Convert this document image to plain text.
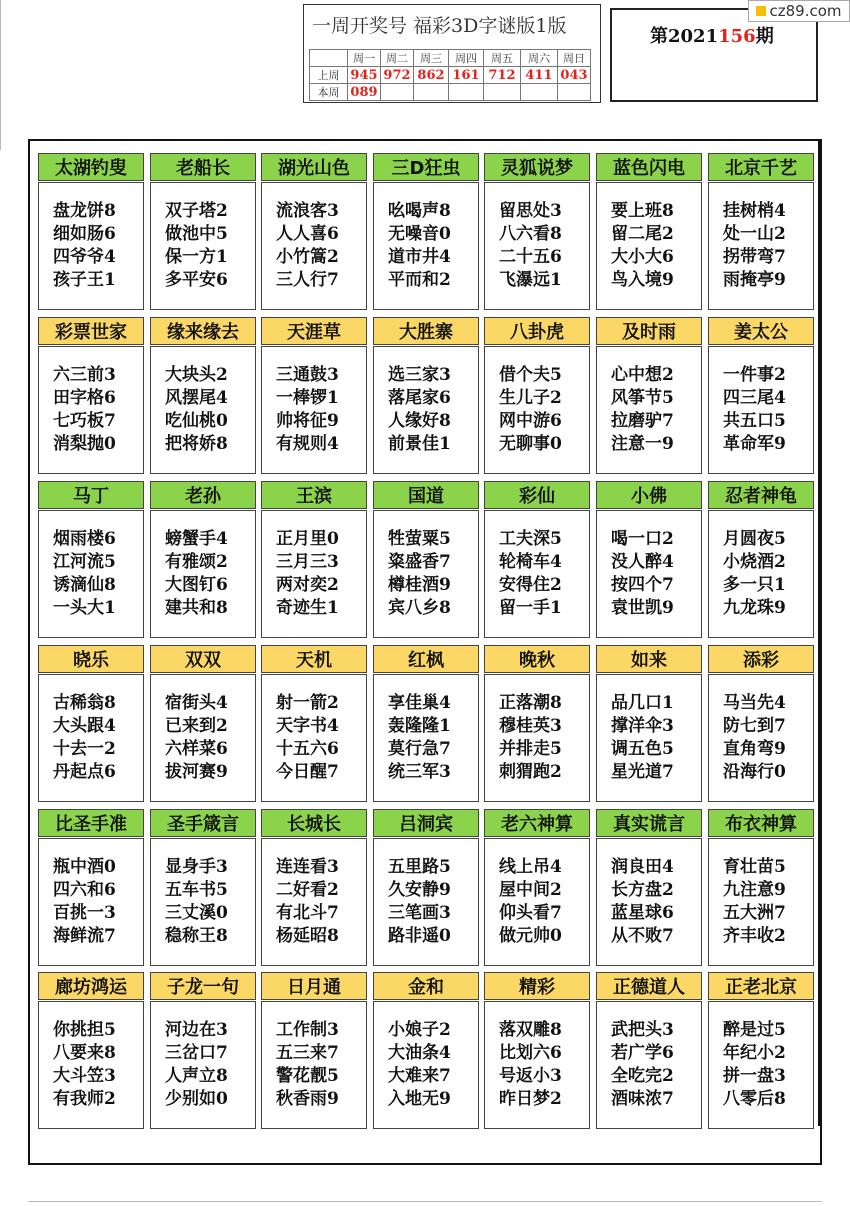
一周开奖号 福彩3D字谜版1版
	周一	周二	周三	周四	周五	周六	周日
上周	945	972	862	161	712	411	043
本周	089						
第2021156期
cz89.com
太湖钓叟
盘龙饼8
细如肠6
四爷爷4
孩子王1
老船长
双子塔2
做池中5
保一方1
多平安6
湖光山色
流浪客3
人人喜6
小竹篙2
三人行7
三D狂虫
吆喝声8
无噪音0
道市井4
平而和2
灵狐说梦
留思处3
八六看8
二十五6
飞瀑远1
蓝色闪电
要上班8
留二尾2
大小大6
鸟入境9
北京千艺
挂树梢4
处一山2
拐带弯7
雨掩亭9
彩票世家
六三前3
田字格6
七巧板7
消梨抛0
缘来缘去
大块头2
风摆尾4
吃仙桃0
把将娇8
天涯草
三通鼓3
一棒锣1
帅将征9
有规则4
大胜寨
选三家3
落尾家6
人缘好8
前景佳1
八卦虎
借个夫5
生儿子2
网中游6
无聊事0
及时雨
心中想2
风筝节5
拉磨驴7
注意一9
姜太公
一件事2
四三尾4
共五口5
革命军9
马丁
烟雨楼6
江河流5
诱滴仙8
一头大1
老孙
螃蟹手4
有雅颂2
大图钉6
建共和8
王滨
正月里0
三月三3
两对奕2
奇迹生1
国道
牲萤粟5
粢盛香7
樽桂酒9
宾八乡8
彩仙
工夫深5
轮椅车4
安得住2
留一手1
小佛
喝一口2
没人醉4
按四个7
袁世凯9
忍者神龟
月圆夜5
小烧酒2
多一只1
九龙珠9
晓乐
古稀翁8
大头跟4
十去一2
丹起点6
双双
宿街头4
已来到2
六样菜6
拔河赛9
天机
射一箭2
天字书4
十五六6
今日醒7
红枫
享佳巢4
轰隆隆1
莫行急7
统三军3
晚秋
正落潮8
穆桂英3
并排走5
刺猬跑2
如来
品几口1
撑洋伞3
调五色5
星光道7
添彩
马当先4
防七到7
直角弯9
沿海行0
比圣手准
瓶中酒0
四六和6
百挑一3
海鲜流7
圣手箴言
显身手3
五车书5
三丈溪0
稳称王8
长城长
连连看3
二好看2
有北斗7
杨延昭8
吕洞宾
五里路5
久安静9
三笔画3
路非遥0
老六神算
线上吊4
屋中间2
仰头看7
做元帅0
真实谎言
润良田4
长方盘2
蓝星球6
从不败7
布衣神算
育壮苗5
九注意9
五大洲7
齐丰收2
廊坊鸿运
你挑担5
八要来8
大斗笠3
有我师2
子龙一句
河边在3
三岔口7
人声立8
少别如0
日月通
工作制3
五三来7
警花靓5
秋香雨9
金和
小娘子2
大油条4
大难来7
入地无9
精彩
落双雕8
比划六6
号返小3
昨日梦2
正德道人
武把头3
若广学6
全吃完2
酒味浓7
正老北京
醉是过5
年纪小2
拼一盘3
八零后8
